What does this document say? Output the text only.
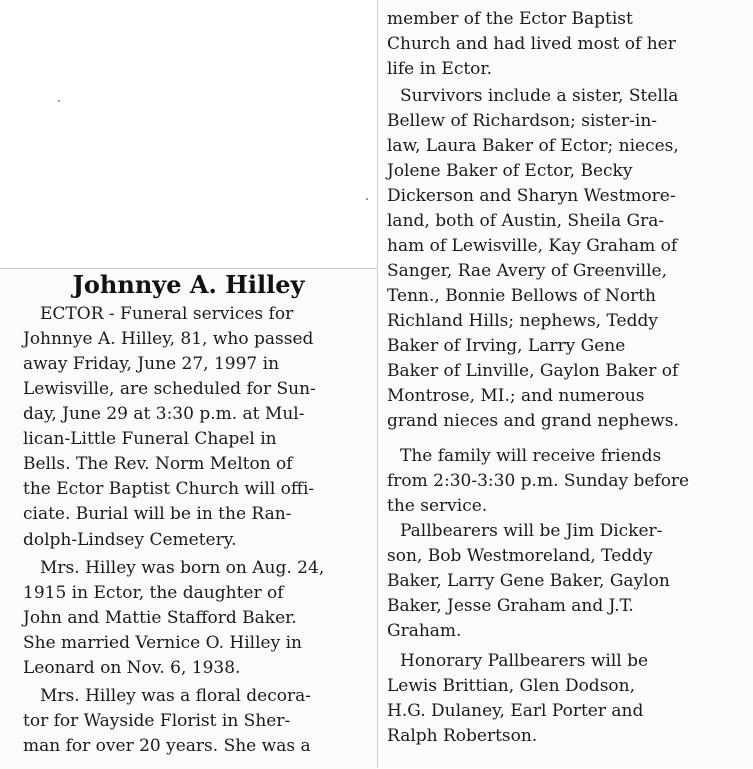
Johnnye A. Hilley
ECTOR - Funeral services for
Johnnye A. Hilley, 81, who passed
away Friday, June 27, 1997 in
Lewisville, are scheduled for Sun-
day, June 29 at 3:30 p.m. at Mul-
lican-Little Funeral Chapel in
Bells. The Rev. Norm Melton of
the Ector Baptist Church will offi-
ciate. Burial will be in the Ran-
dolph-Lindsey Cemetery.
Mrs. Hilley was born on Aug. 24,
1915 in Ector, the daughter of
John and Mattie Stafford Baker.
She married Vernice O. Hilley in
Leonard on Nov. 6, 1938.
Mrs. Hilley was a floral decora-
tor for Wayside Florist in Sher-
man for over 20 years. She was a
member of the Ector Baptist
Church and had lived most of her
life in Ector.
Survivors include a sister, Stella
Bellew of Richardson; sister-in-
law, Laura Baker of Ector; nieces,
Jolene Baker of Ector, Becky
Dickerson and Sharyn Westmore-
land, both of Austin, Sheila Gra-
ham of Lewisville, Kay Graham of
Sanger, Rae Avery of Greenville,
Tenn., Bonnie Bellows of North
Richland Hills; nephews, Teddy
Baker of Irving, Larry Gene
Baker of Linville, Gaylon Baker of
Montrose, MI.; and numerous
grand nieces and grand nephews.
The family will receive friends
from 2:30-3:30 p.m. Sunday before
the service.
Pallbearers will be Jim Dicker-
son, Bob Westmoreland, Teddy
Baker, Larry Gene Baker, Gaylon
Baker, Jesse Graham and J.T.
Graham.
Honorary Pallbearers will be
Lewis Brittian, Glen Dodson,
H.G. Dulaney, Earl Porter and
Ralph Robertson.
